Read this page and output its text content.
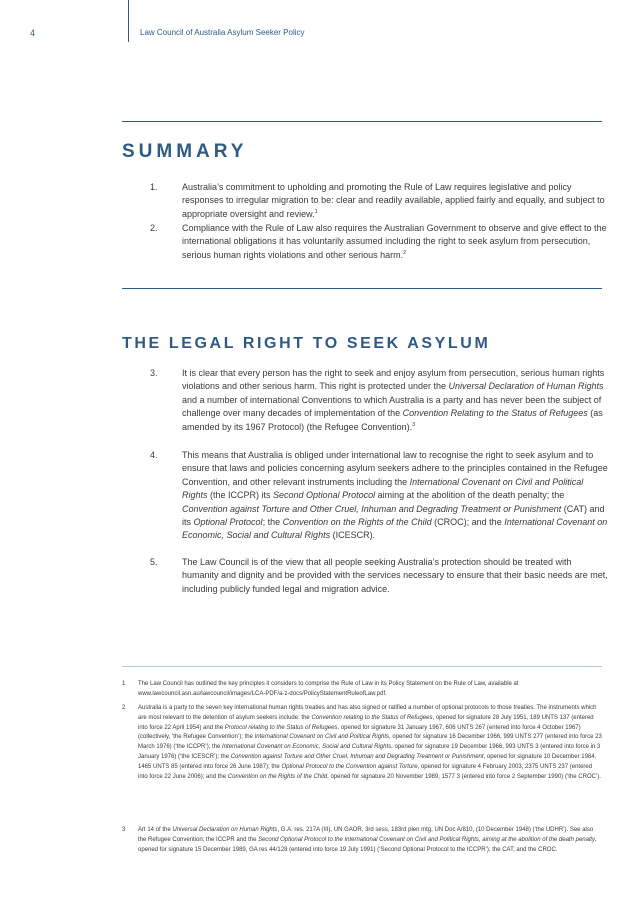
4	Law Council of Australia Asylum Seeker Policy
SUMMARY
THE LEGAL RIGHT TO SEEK ASYLUM
1.	Australia’s commitment to upholding and promoting the Rule of Law requires legislative and policy responses to irregular migration to be: clear and readily available, applied fairly and equally, and subject to appropriate oversight and review.$^1$
2.	Compliance with the Rule of Law also requires the Australian Government to observe and give effect to the international obligations it has voluntarily assumed including the right to seek asylum from persecution, serious human rights violations and other serious harm.$^2$
3.	It is clear that every person has the right to seek and enjoy asylum from persecution, serious human rights violations and other serious harm. This right is protected under the Universal Declaration of Human Rights and a number of international Conventions to which Australia is a party and has never been the subject of challenge over many decades of implementation of the Convention Relating to the Status of Refugees (as amended by its 1967 Protocol) (the Refugee Convention).$^3$
4.	This means that Australia is obliged under international law to recognise the right to seek asylum and to ensure that laws and policies concerning asylum seekers adhere to the principles contained in the Refugee Convention, and other relevant instruments including the International Covenant on Civil and Political Rights (the ICCPR) its Second Optional Protocol aiming at the abolition of the death penalty; the Convention against Torture and Other Cruel, Inhuman and Degrading Treatment or Punishment (CAT) and its Optional Protocol; the Convention on the Rights of the Child (CROC); and the International Covenant on Economic, Social and Cultural Rights (ICESCR).
5.	The Law Council is of the view that all people seeking Australia’s protection should be treated with humanity and dignity and be provided with the services necessary to ensure that their basic needs are met, including publicly funded legal and migration advice.
1	The Law Council has outlined the key principles it considers to comprise the Rule of Law in its Policy Statement on the Rule of Law, available at www.lawcouncil.asn.au/lawcouncil/images/LCA-PDF/a-z-docs/PolicyStatementRuleofLaw.pdf.
2	Australia is a party to the seven key international human rights treaties and has also signed or ratified a number of optional protocols to those treaties. The instruments which are most relevant to the detention of asylum seekers include: the Convention relating to the Status of Refugees, opened for signature 28 July 1951, 189 UNTS 137 (entered into force 22 April 1954) and the Protocol relating to the Status of Refugees, opened for signature 31 January 1967, 606 UNTS 267 (entered into force 4 October 1967) (collectively, ‘the Refugee Convention’); the International Covenant on Civil and Political Rights, opened for signature 16 December 1966, 999 UNTS 277 (entered into force 23 March 1976) (‘the ICCPR’); the International Covenant on Economic, Social and Cultural Rights, opened for signature 19 December 1966, 993 UNTS 3 (entered into force in 3 January 1976) (‘the ICESCR’); the Convention against Torture and Other Cruel, Inhuman and Degrading Treatment or Punishment, opened for signature 10 December 1984, 1465 UNTS 85 (entered into force 26 June 1987); the Optional Protocol to the Convention against Torture, opened for signature 4 February 2003, 2375 UNTS 237 (entered into force 22 June 2006); and the Convention on the Rights of the Child, opened for signature 20 November 1989, 1577 3 (entered into force 2 September 1990) (‘the CROC’).
3	Art 14 of the Universal Declaration on Human Rights, G.A. res. 217A (III), UN GAOR, 3rd sess, 183rd plen mtg, UN Doc A/810, (10 December 1948) (‘the UDHR’). See also the Refugee Convention; the ICCPR and the Second Optional Protocol to the International Covenant on Civil and Political Rights, aiming at the abolition of the death penalty, opened for signature 15 December 1989, GA res 44/128 (entered into force 19 July 1991) (‘Second Optional Protocol to the ICCPR’); the CAT; and the CROC.
